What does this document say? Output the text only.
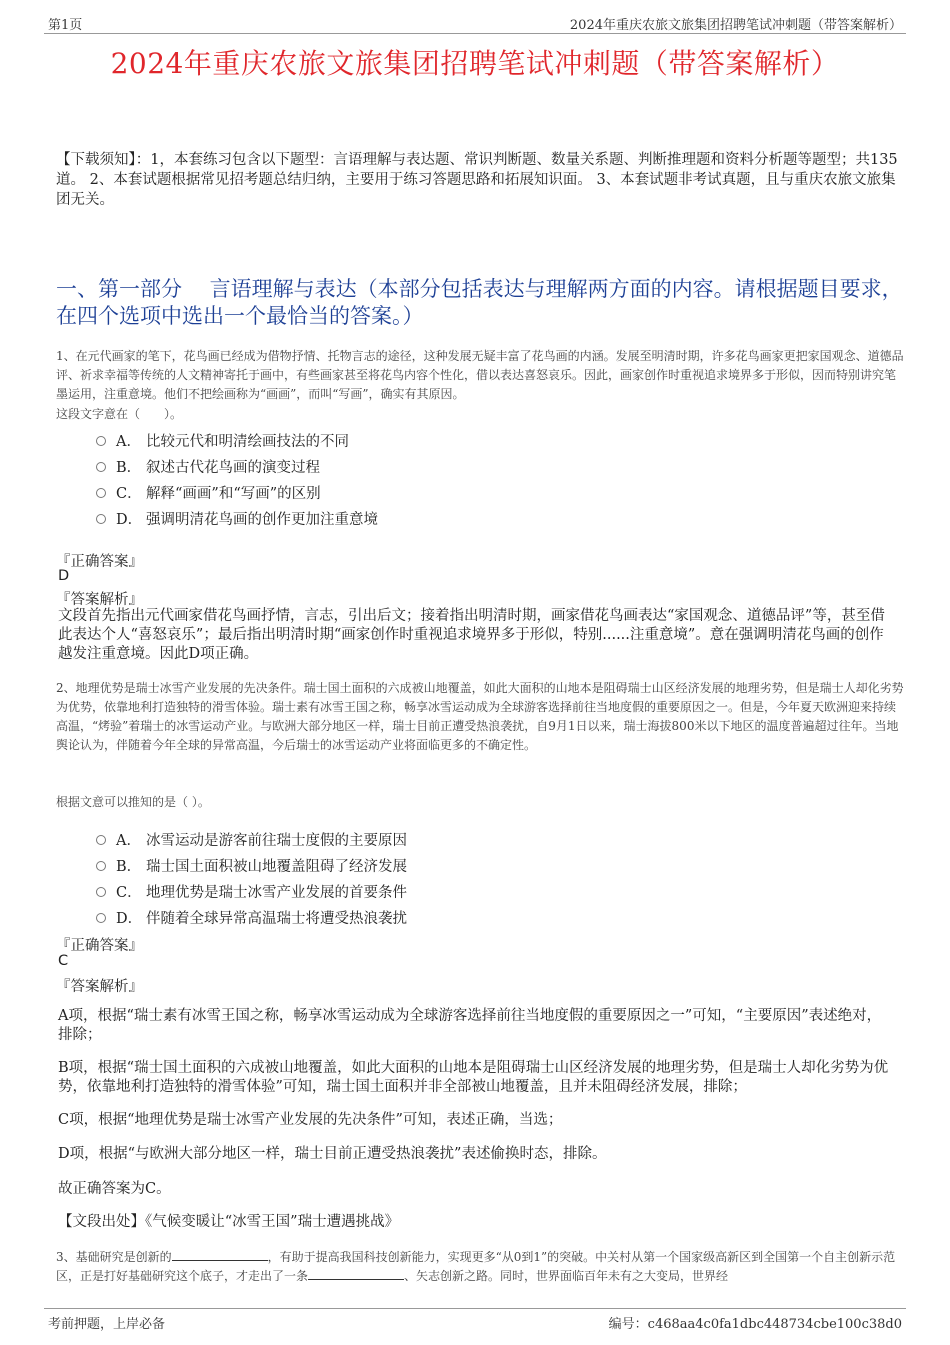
第1页	2024年重庆农旅文旅集团招聘笔试冲刺题（带答案解析）
2024年重庆农旅文旅集团招聘笔试冲刺题（带答案解析）
【下载须知】：1，本套练习包含以下题型：言语理解与表达题、常识判断题、数量关系题、判断推理题和资料分析题等题型；共135道。 2、本套试题根据常见招考题总结归纳，主要用于练习答题思路和拓展知识面。 3、本套试题非考试真题，且与重庆农旅文旅集团无关。
一、第一部分　 言语理解与表达（本部分包括表达与理解两方面的内容。请根据题目要求，在四个选项中选出一个最恰当的答案。）
1、在元代画家的笔下，花鸟画已经成为借物抒情、托物言志的途径，这种发展无疑丰富了花鸟画的内涵。发展至明清时期，许多花鸟画家更把家国观念、道德品评、祈求幸福等传统的人文精神寄托于画中，有些画家甚至将花鸟内容个性化，借以表达喜怒哀乐。因此，画家创作时重视追求境界多于形似，因而特别讲究笔墨运用，注重意境。他们不把绘画称为“画画”，而叫“写画”，确实有其原因。
这段文字意在（　　）。
A． 比较元代和明清绘画技法的不同
B． 叙述古代花鸟画的演变过程
C． 解释“画画”和“写画”的区别
D． 强调明清花鸟画的创作更加注重意境
『正确答案』
D
『答案解析』
文段首先指出元代画家借花鸟画抒情，言志，引出后文；接着指出明清时期，画家借花鸟画表达“家国观念、道德品评”等，甚至借此表达个人“喜怒哀乐”；最后指出明清时期“画家创作时重视追求境界多于形似，特别......注重意境”。意在强调明清花鸟画的创作越发注重意境。因此D项正确。
2、地理优势是瑞士冰雪产业发展的先决条件。瑞士国土面积的六成被山地覆盖，如此大面积的山地本是阻碍瑞士山区经济发展的地理劣势，但是瑞士人却化劣势为优势，依靠地利打造独特的滑雪体验。瑞士素有冰雪王国之称，畅享冰雪运动成为全球游客选择前往当地度假的重要原因之一。但是，今年夏天欧洲迎来持续高温，“烤验”着瑞士的冰雪运动产业。与欧洲大部分地区一样，瑞士目前正遭受热浪袭扰，自9月1日以来，瑞士海拔800米以下地区的温度普遍超过往年。当地舆论认为，伴随着今年全球的异常高温，今后瑞士的冰雪运动产业将面临更多的不确定性。
根据文意可以推知的是（ ）。
A． 冰雪运动是游客前往瑞士度假的主要原因
B． 瑞士国土面积被山地覆盖阻碍了经济发展
C． 地理优势是瑞士冰雪产业发展的首要条件
D． 伴随着全球异常高温瑞士将遭受热浪袭扰
『正确答案』
C
『答案解析』
A项，根据“瑞士素有冰雪王国之称，畅享冰雪运动成为全球游客选择前往当地度假的重要原因之一”可知，“主要原因”表述绝对，排除；
B项，根据“瑞士国土面积的六成被山地覆盖，如此大面积的山地本是阻碍瑞士山区经济发展的地理劣势，但是瑞士人却化劣势为优势，依靠地利打造独特的滑雪体验”可知，瑞士国土面积并非全部被山地覆盖，且并未阻碍经济发展，排除；
C项，根据“地理优势是瑞士冰雪产业发展的先决条件”可知，表述正确，当选；
D项，根据“与欧洲大部分地区一样，瑞士目前正遭受热浪袭扰”表述偷换时态，排除。
故正确答案为C。
【文段出处】《气候变暖让“冰雪王国”瑞士遭遇挑战》
3、基础研究是创新的	，有助于提高我国科技创新能力，实现更多“从0到1”的突破。中关村从第一个国家级高新区到全国第一个自主创新示范区，正是打好基础研究这个底子，才走出了一条	、矢志创新之路。同时，世界面临百年未有之大变局，世界经
考前押题，上岸必备	编号：c468aa4c0fa1dbc448734cbe100c38d0
